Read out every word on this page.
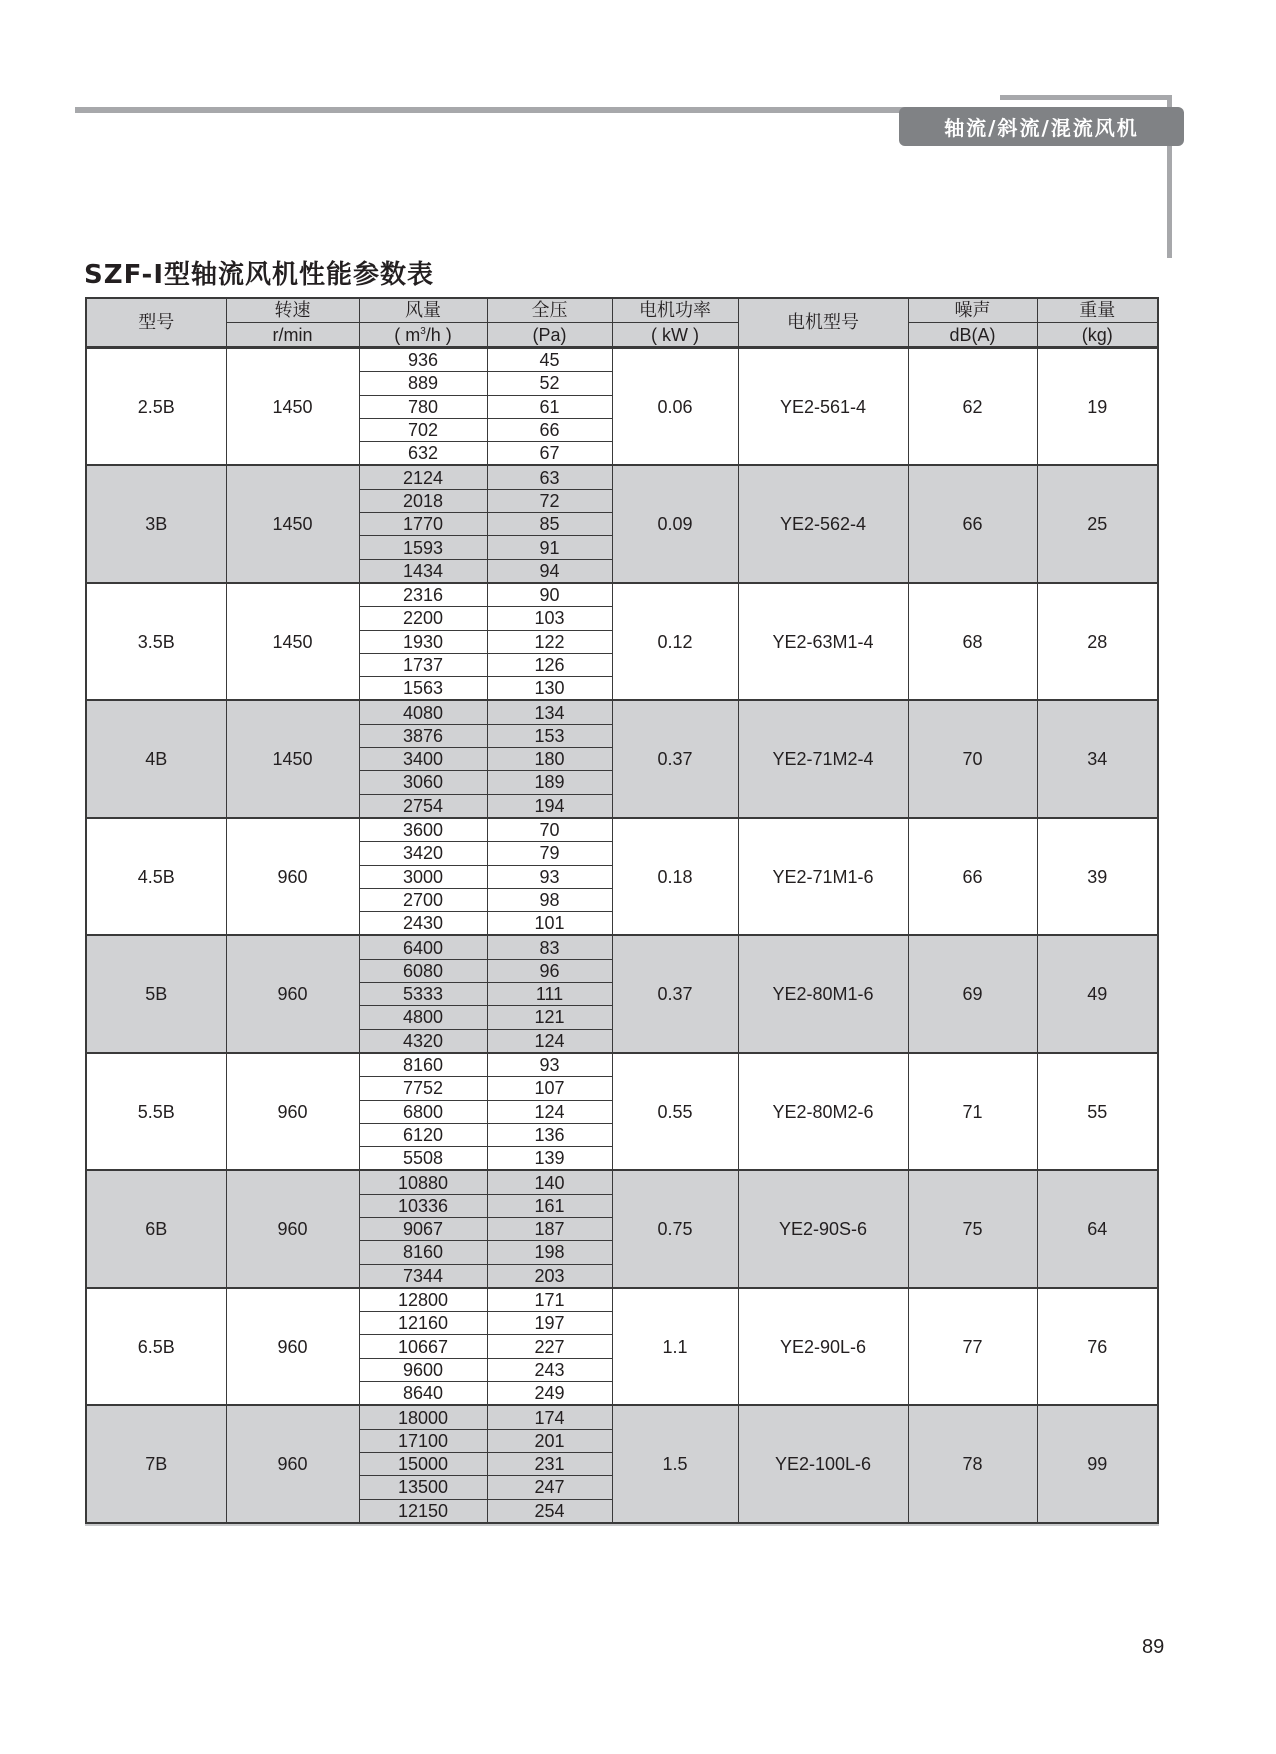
轴流/斜流/混流风机
SZF-I型轴流风机性能参数表
型号	转速	风量	全压	电机功率	电机型号	噪声	重量
	r/min	( $m^3/h$ )	(Pa)	( kW )		dB(A)	(kg)
2.5B	1450	936	45	0.06	YE2-561-4	62	19
		889	52				
		780	61				
		702	66				
		632	67				
3B	1450	2124	63	0.09	YE2-562-4	66	25
		2018	72				
		1770	85				
		1593	91				
		1434	94				
3.5B	1450	2316	90	0.12	YE2-63M1-4	68	28
		2200	103				
		1930	122				
		1737	126				
		1563	130				
4B	1450	4080	134	0.37	YE2-71M2-4	70	34
		3876	153				
		3400	180				
		3060	189				
		2754	194				
4.5B	960	3600	70	0.18	YE2-71M1-6	66	39
		3420	79				
		3000	93				
		2700	98				
		2430	101				
5B	960	6400	83	0.37	YE2-80M1-6	69	49
		6080	96				
		5333	111				
		4800	121				
		4320	124				
5.5B	960	8160	93	0.55	YE2-80M2-6	71	55
		7752	107				
		6800	124				
		6120	136				
		5508	139				
6B	960	10880	140	0.75	YE2-90S-6	75	64
		10336	161				
		9067	187				
		8160	198				
		7344	203				
6.5B	960	12800	171	1.1	YE2-90L-6	77	76
		12160	197				
		10667	227				
		9600	243				
		8640	249				
7B	960	18000	174	1.5	YE2-100L-6	78	99
		17100	201				
		15000	231				
		13500	247				
		12150	254				
89
